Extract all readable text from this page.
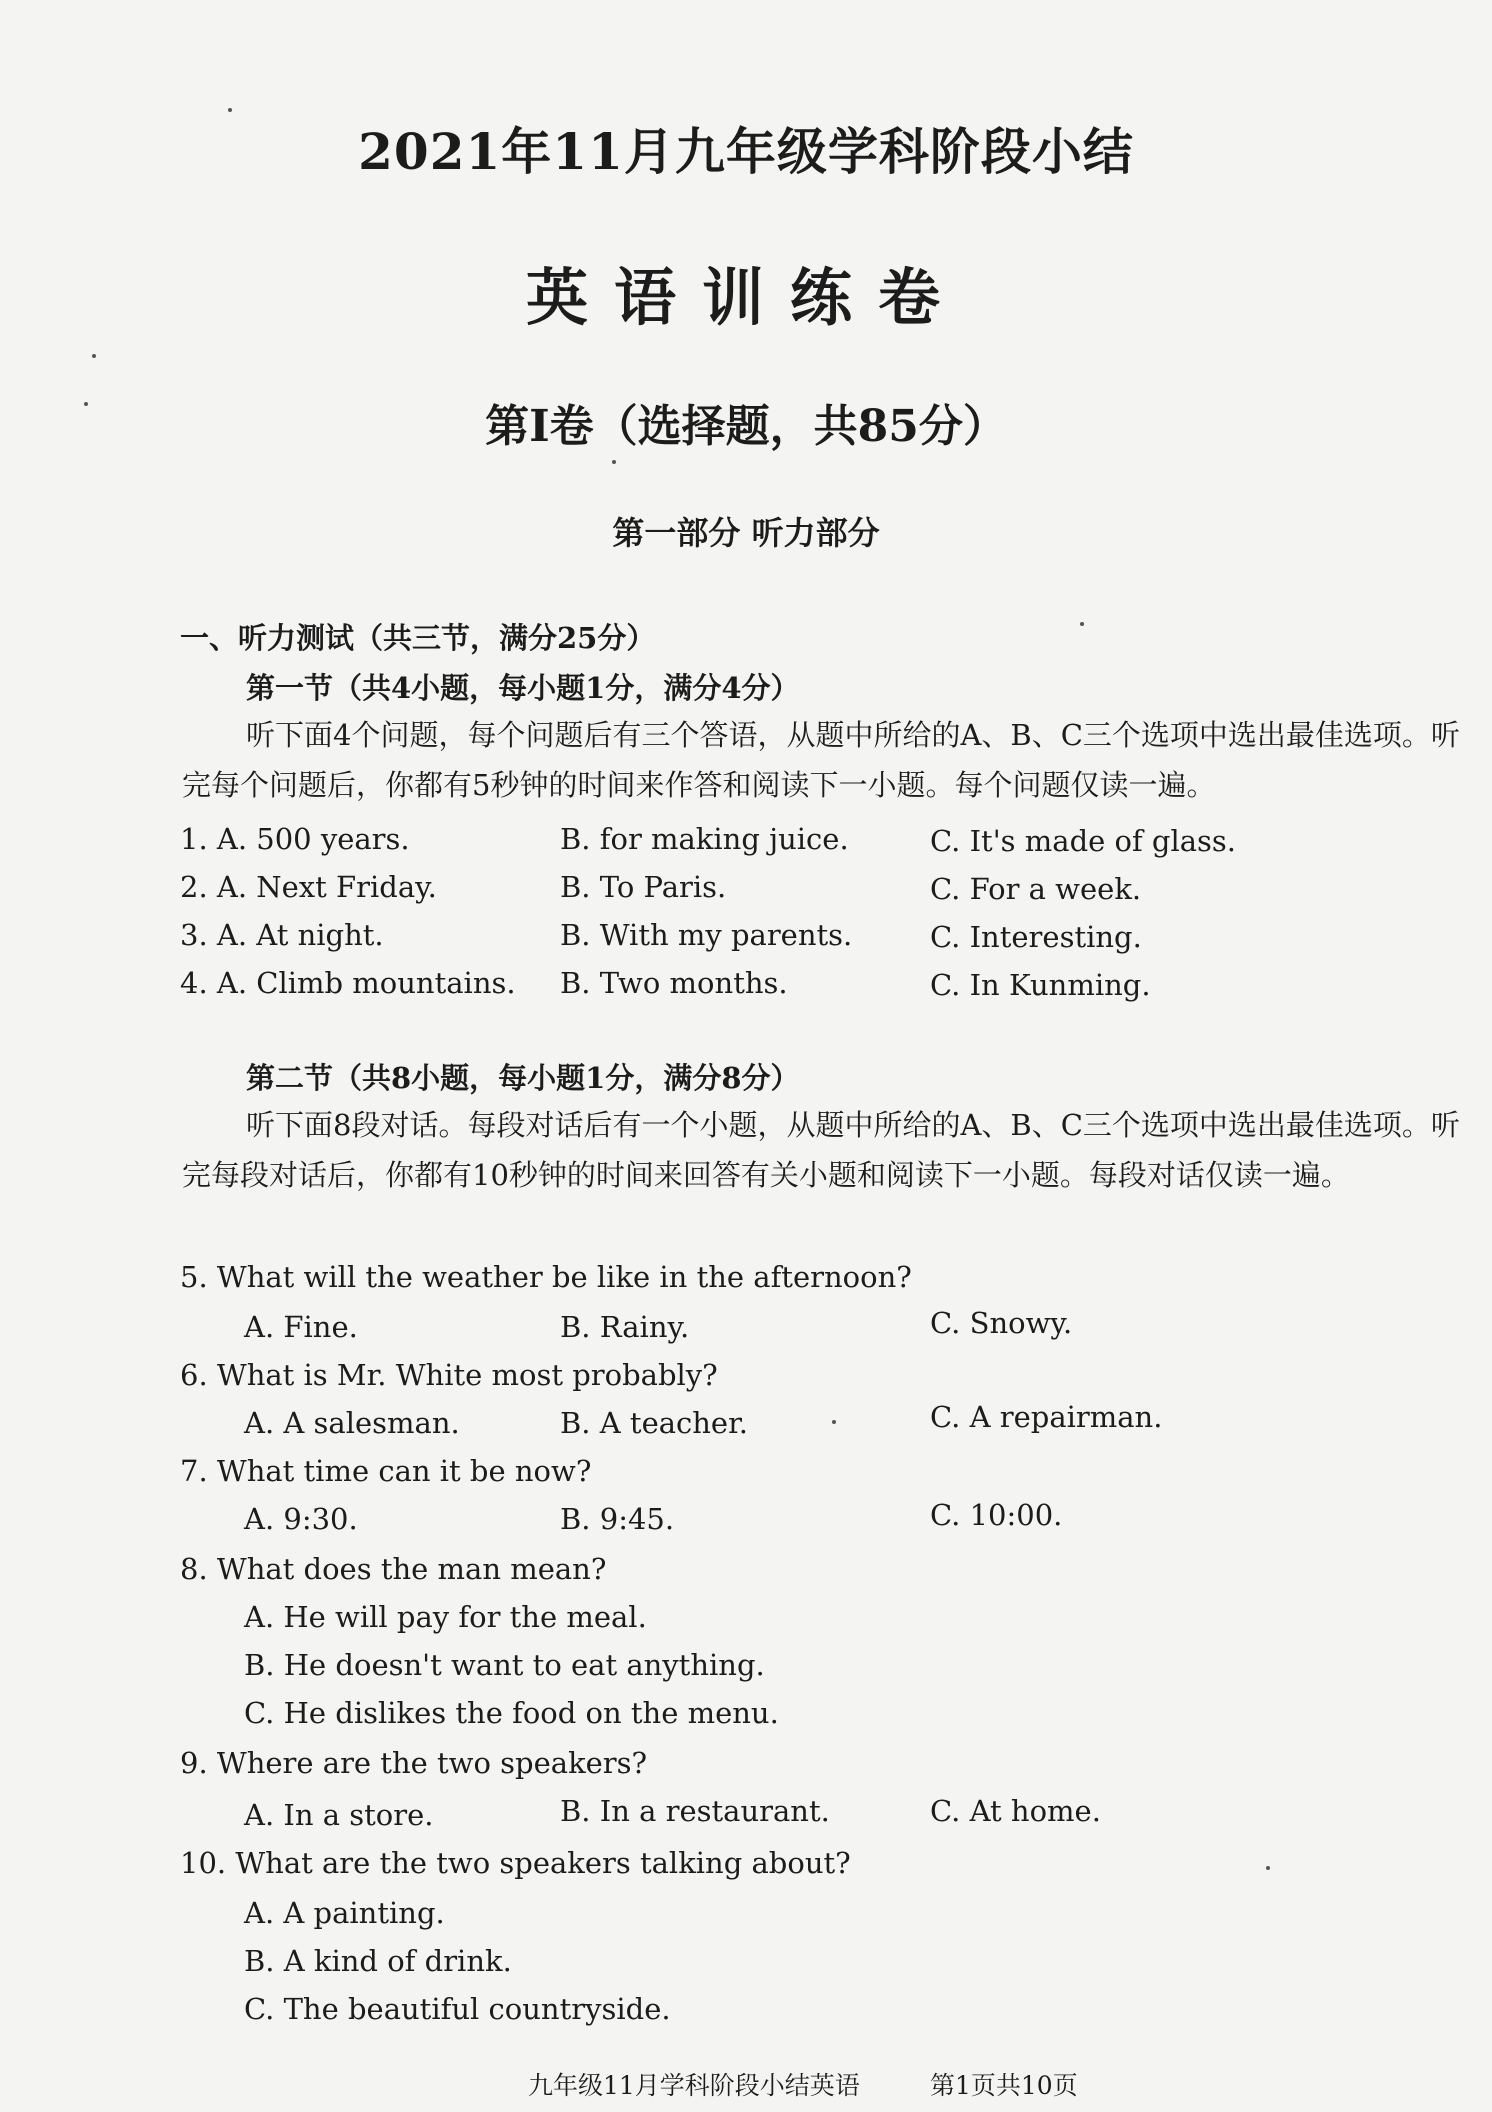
2021年11月九年级学科阶段小结
英语训练卷
第I卷（选择题，共85分）
第一部分 听力部分
一、听力测试（共三节，满分25分）
第一节（共4小题，每小题1分，满分4分）
听下面4个问题，每个问题后有三个答语，从题中所给的A、B、C三个选项中选出最佳选项。听完每个问题后，你都有5秒钟的时间来作答和阅读下一小题。每个问题仅读一遍。
1. A. 500 years.	B. for making juice.	C. It's made of glass.
2. A. Next Friday.	B. To Paris.	C. For a week.
3. A. At night.	B. With my parents.	C. Interesting.
4. A. Climb mountains. B. Two months.	C. In Kunming.
第二节（共8小题，每小题1分，满分8分）
听下面8段对话。每段对话后有一个小题，从题中所给的A、B、C三个选项中选出最佳选项。听完每段对话后，你都有10秒钟的时间来回答有关小题和阅读下一小题。每段对话仅读一遍。
5. What will the weather be like in the afternoon?
A. Fine.	B. Rainy.	C. Snowy.
6. What is Mr. White most probably?
A. A salesman.	B. A teacher.	C. A repairman.
7. What time can it be now?
A. 9:30.	B. 9:45.	C. 10:00.
8. What does the man mean?
A. He will pay for the meal.
B. He doesn't want to eat anything.
C. He dislikes the food on the menu.
9. Where are the two speakers?
A. In a store.	B. In a restaurant.	C. At home.
10. What are the two speakers talking about?
A. A painting.
B. A kind of drink.
C. The beautiful countryside.
九年级11月学科阶段小结英语	第1页共10页
